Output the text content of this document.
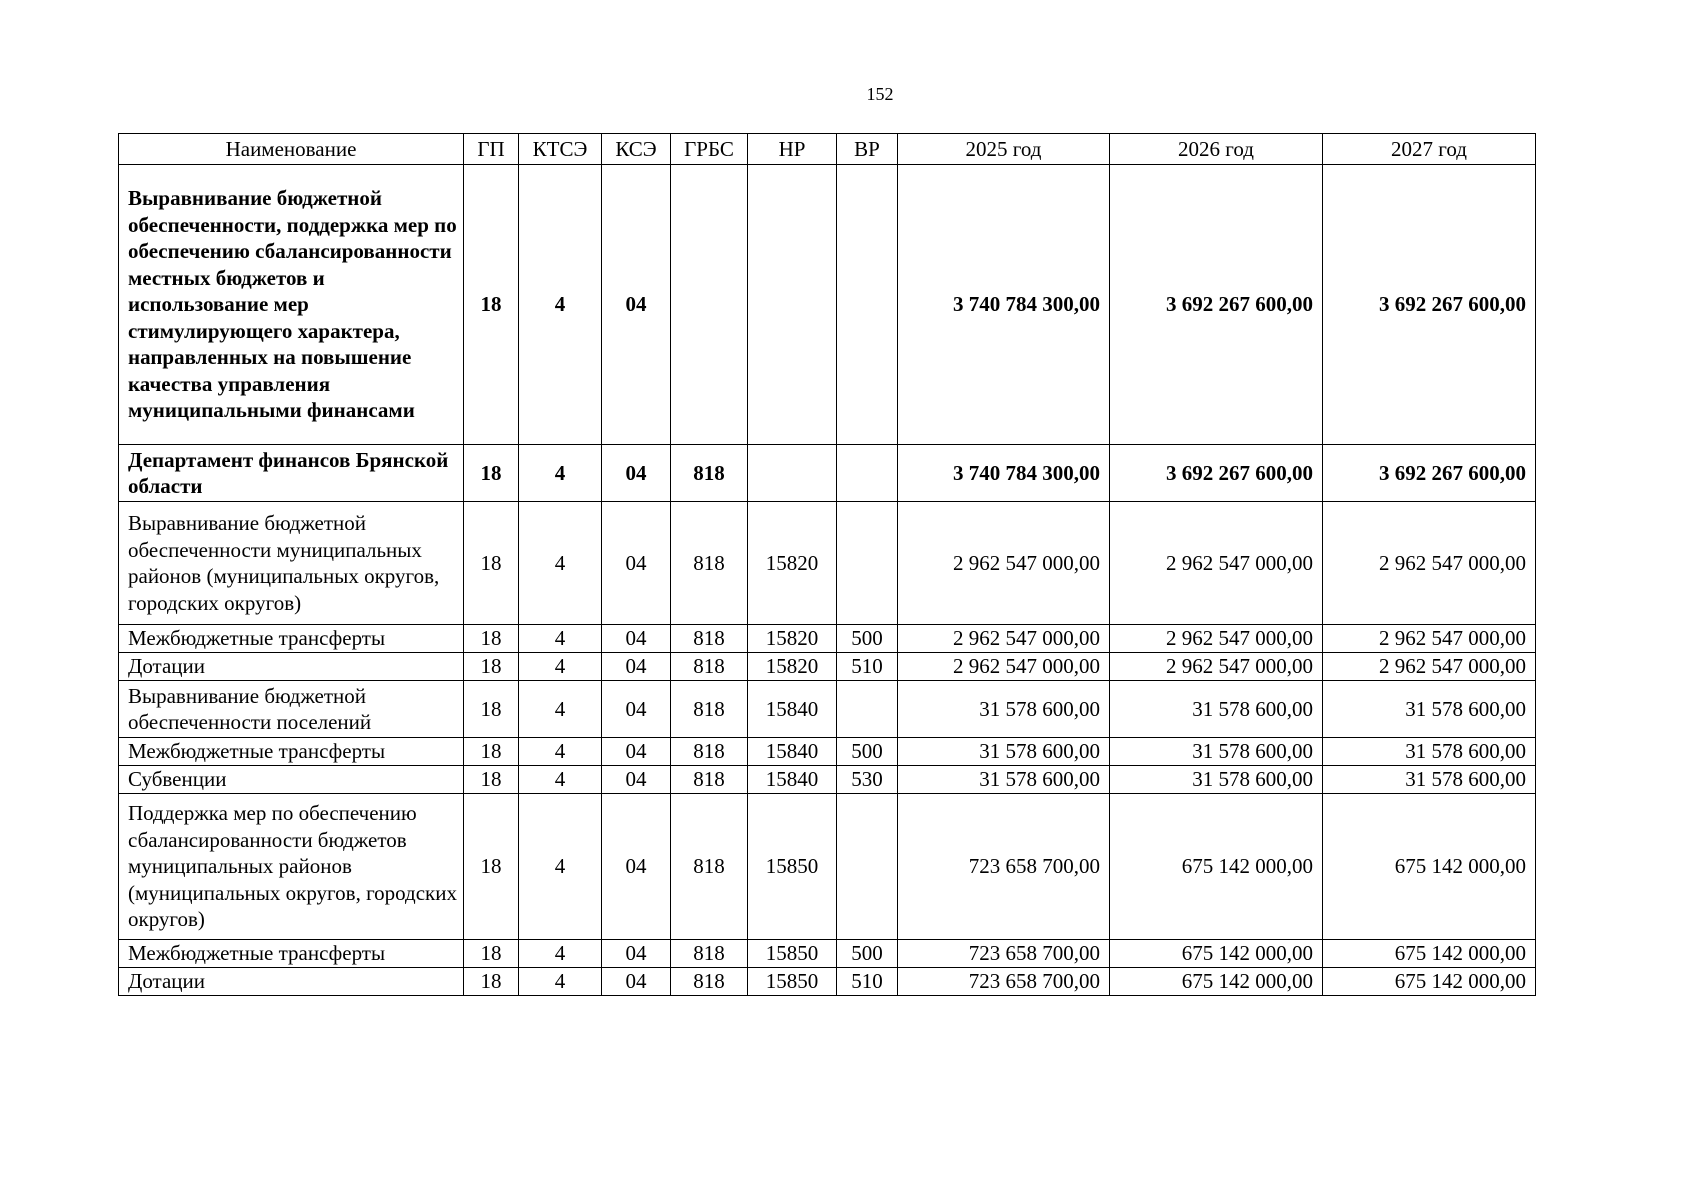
152
Наименование	ГП	КТСЭ	КСЭ	ГРБС	НР	ВР	2025 год	2026 год	2027 год
Выравнивание бюджетной обеспеченности, поддержка мер по обеспечению сбалансированности местных бюджетов и использование мер стимулирующего характера, направленных на повышение качества управления муниципальными финансами	18	4	04				3 740 784 300,00	3 692 267 600,00	3 692 267 600,00
Департамент финансов Брянской области	18	4	04	818			3 740 784 300,00	3 692 267 600,00	3 692 267 600,00
Выравнивание бюджетной обеспеченности муниципальных районов (муниципальных округов, городских округов)	18	4	04	818	15820		2 962 547 000,00	2 962 547 000,00	2 962 547 000,00
Межбюджетные трансферты	18	4	04	818	15820	500	2 962 547 000,00	2 962 547 000,00	2 962 547 000,00
Дотации	18	4	04	818	15820	510	2 962 547 000,00	2 962 547 000,00	2 962 547 000,00
Выравнивание бюджетной обеспеченности поселений	18	4	04	818	15840		31 578 600,00	31 578 600,00	31 578 600,00
Межбюджетные трансферты	18	4	04	818	15840	500	31 578 600,00	31 578 600,00	31 578 600,00
Субвенции	18	4	04	818	15840	530	31 578 600,00	31 578 600,00	31 578 600,00
Поддержка мер по обеспечению сбалансированности бюджетов муниципальных районов (муниципальных округов, городских округов)	18	4	04	818	15850		723 658 700,00	675 142 000,00	675 142 000,00
Межбюджетные трансферты	18	4	04	818	15850	500	723 658 700,00	675 142 000,00	675 142 000,00
Дотации	18	4	04	818	15850	510	723 658 700,00	675 142 000,00	675 142 000,00
